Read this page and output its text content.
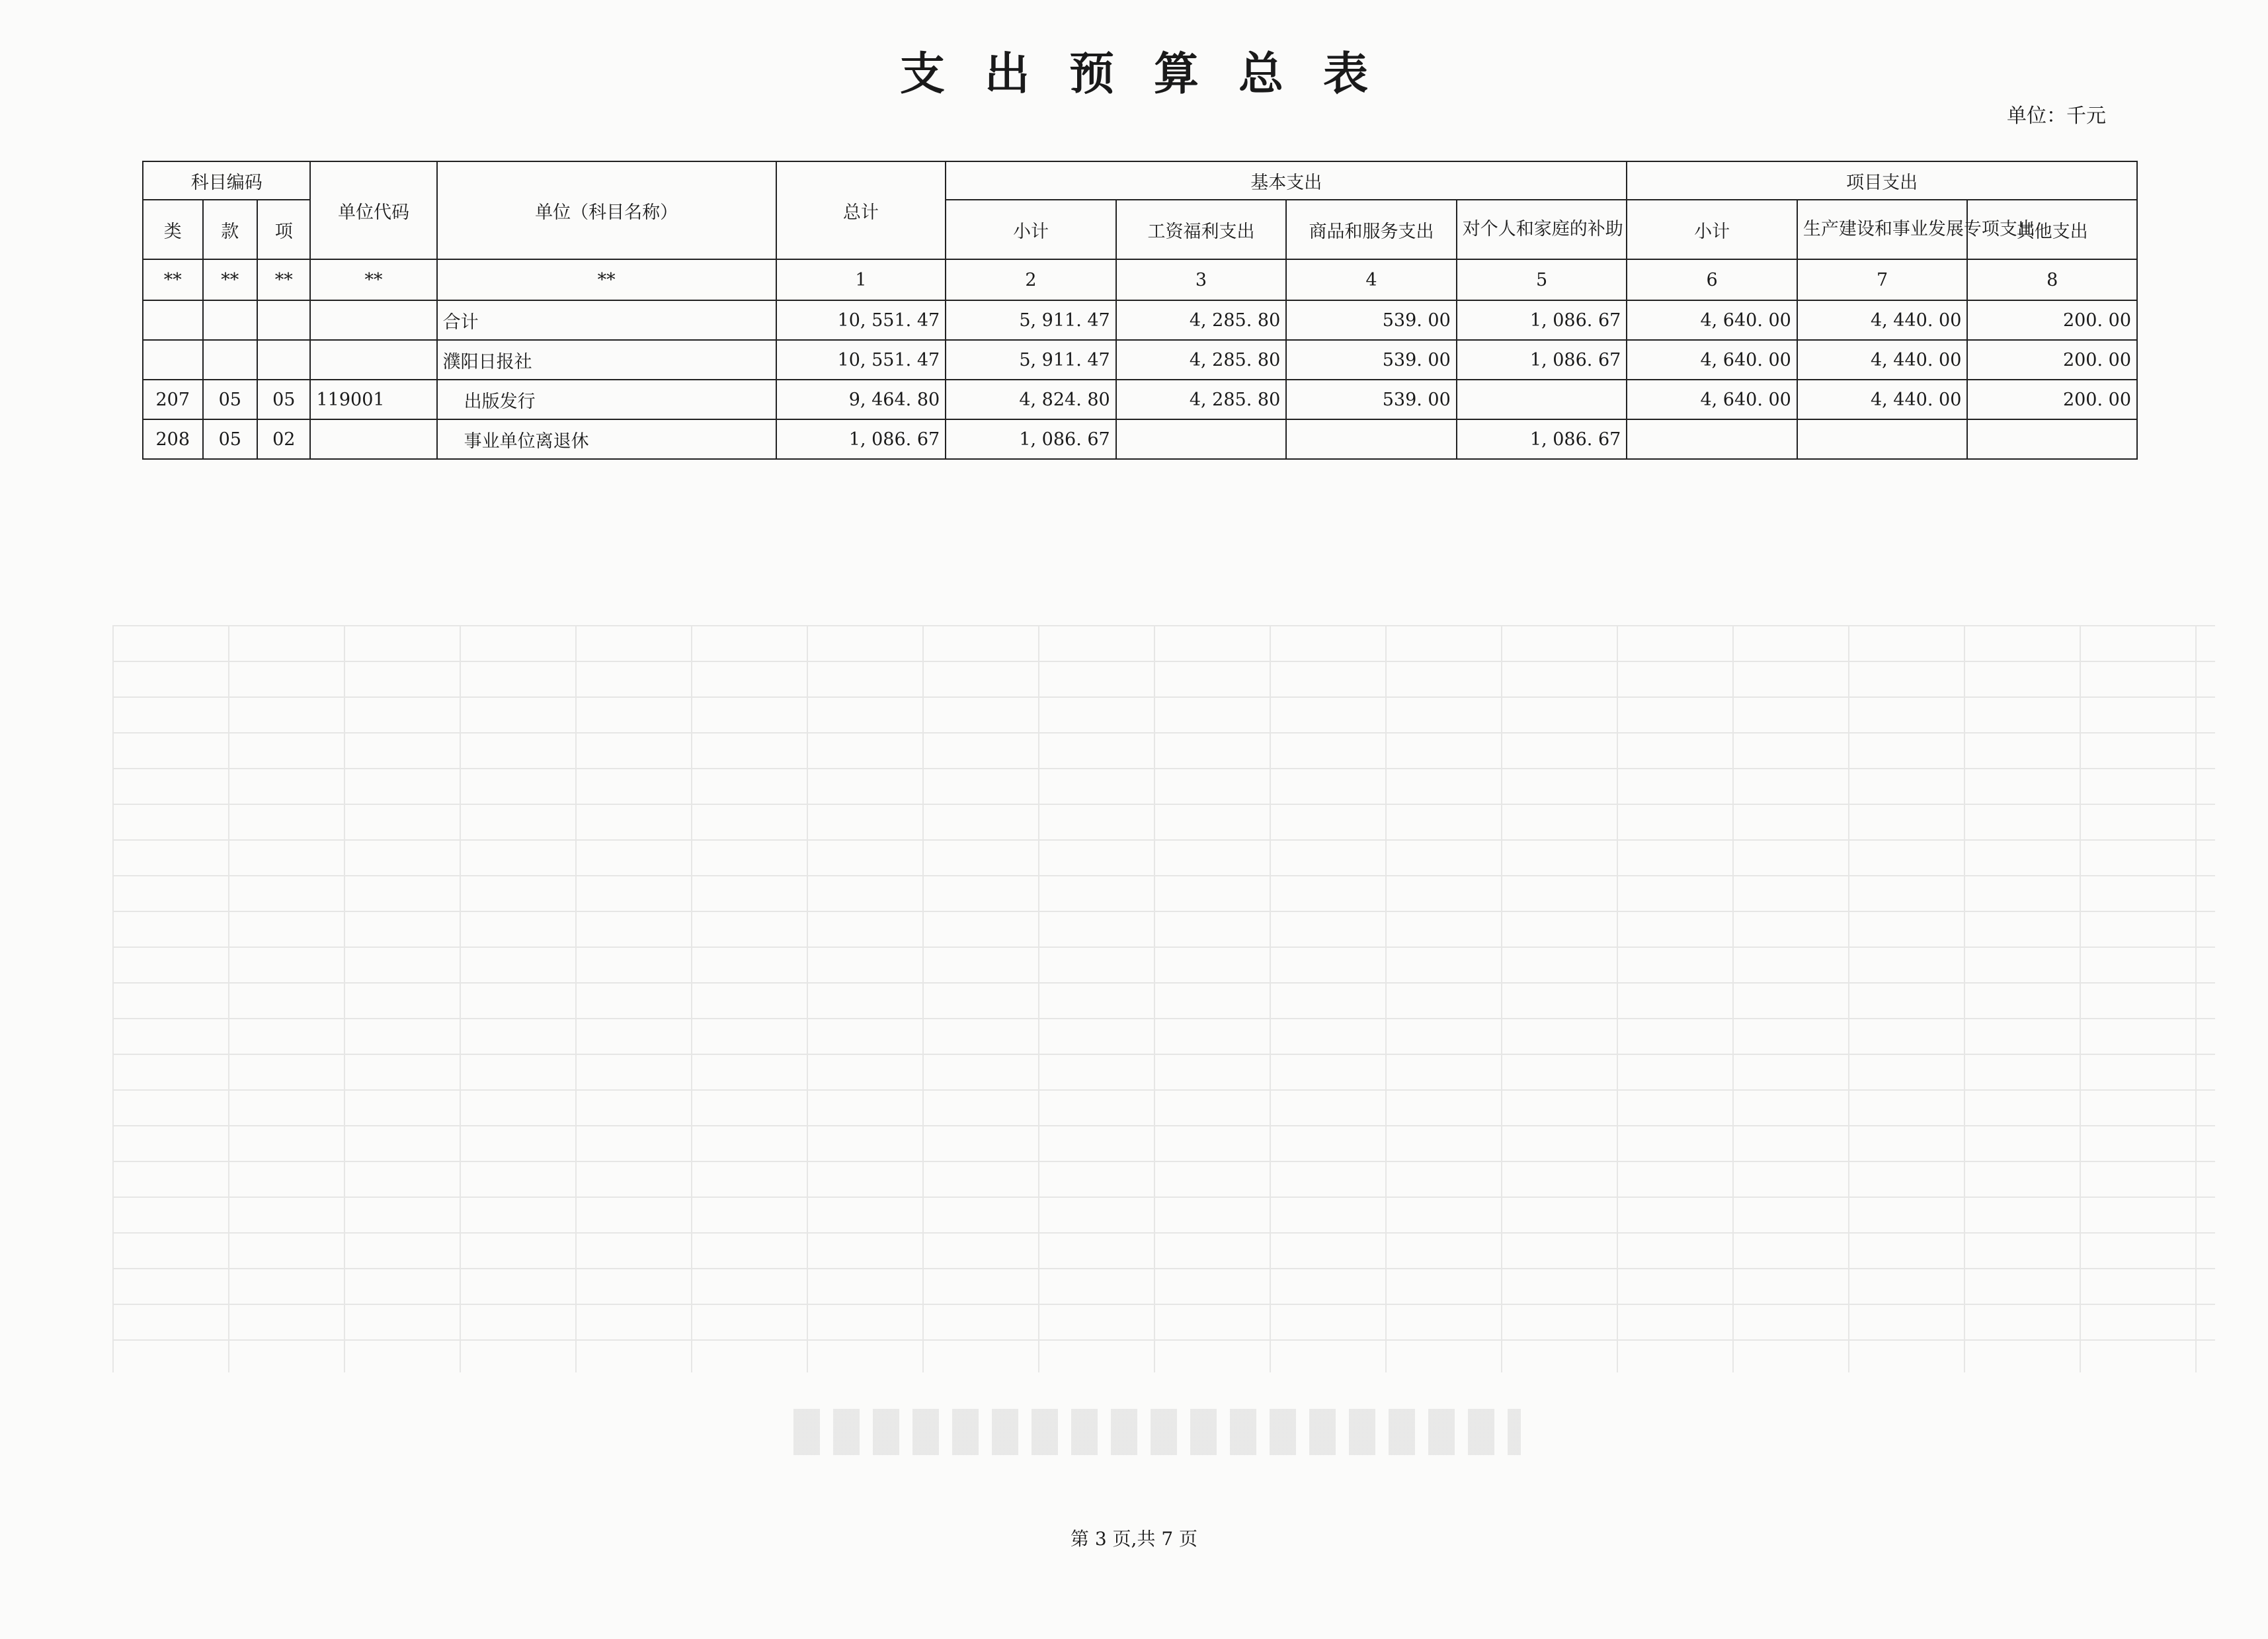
支出预算总表
单位：千元
科目编码			单位代码	单位（科目名称）	总计	基本支出				项目支出		
类	款	项				小计	工资福利支出	商品和服务支出	对个人和家庭的补助	小计	生产建设和事业发展专项支出	其他支出
**	**	**	**	**	1	2	3	4	5	6	7	8
				合计	10, 551. 47	5, 911. 47	4, 285. 80	539. 00	1, 086. 67	4, 640. 00	4, 440. 00	200. 00
				濮阳日报社	10, 551. 47	5, 911. 47	4, 285. 80	539. 00	1, 086. 67	4, 640. 00	4, 440. 00	200. 00
207	05	05	119001	出版发行	9, 464. 80	4, 824. 80	4, 285. 80	539. 00		4, 640. 00	4, 440. 00	200. 00
208	05	02		事业单位离退休	1, 086. 67	1, 086. 67			1, 086. 67			
第 3 页,共 7 页
